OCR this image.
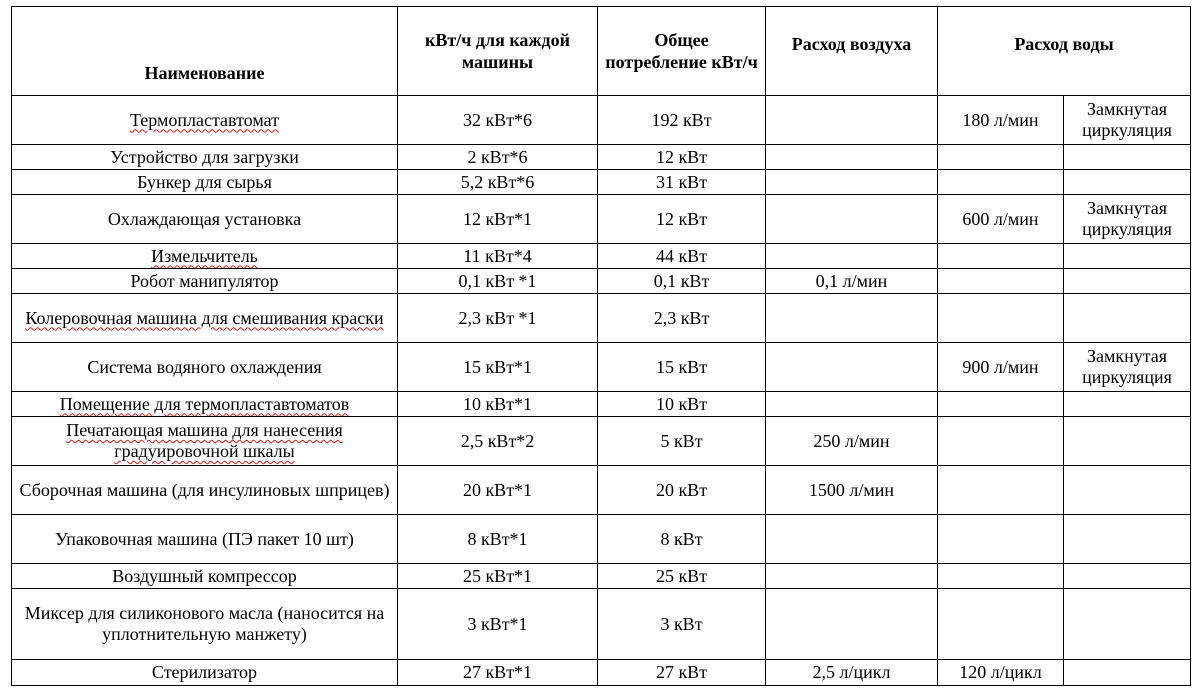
Наименование	кВт/ч для каждой машины	Общее потребление кВт/ч	Расход воздуха	Расход воды	
Термопластавтомат	32 кВт*6	192 кВт		180 л/мин	Замкнутая циркуляция
Устройство для загрузки	2 кВт*6	12 кВт			
Бункер для сырья	5,2 кВт*6	31 кВт			
Охлаждающая установка	12 кВт*1	12 кВт		600 л/мин	Замкнутая циркуляция
Измельчитель	11 кВт*4	44 кВт			
Робот манипулятор	0,1 кВт *1	0,1 кВт	0,1 л/мин		
Колеровочная машина для смешивания краски	2,3 кВт *1	2,3 кВт			
Система водяного охлаждения	15 кВт*1	15 кВт		900 л/мин	Замкнутая циркуляция
Помещение для термопластавтоматов	10 кВт*1	10 кВт			
Печатающая машина для нанесения градуировочной шкалы	2,5 кВт*2	5 кВт	250 л/мин		
Сборочная машина (для инсулиновых шприцев)	20 кВт*1	20 кВт	1500 л/мин		
Упаковочная машина (ПЭ пакет 10 шт)	8 кВт*1	8 кВт			
Воздушный компрессор	25 кВт*1	25 кВт			
Миксер для силиконового масла (наносится на уплотнительную манжету)	3 кВт*1	3 кВт			
Стерилизатор	27 кВт*1	27 кВт	2,5 л/цикл	120 л/цикл	
